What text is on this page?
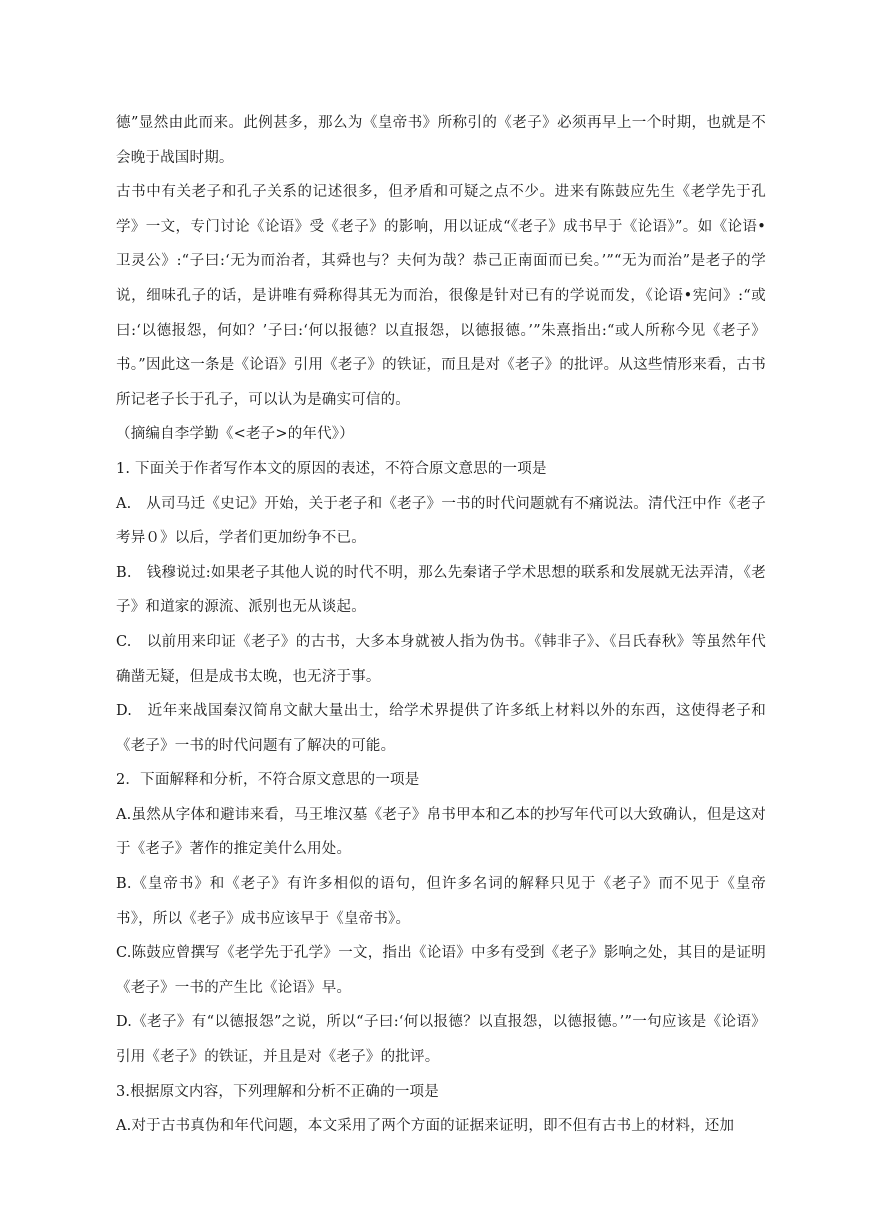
德”显然由此而来。此例甚多，那么为《皇帝书》所称引的《老子》必须再早上一个时期，也就是不会晚于战国时期。

古书中有关老子和孔子关系的记述很多，但矛盾和可疑之点不少。进来有陈鼓应先生《老学先于孔学》一文，专门讨论《论语》受《老子》的影响，用以证成“《老子》成书早于《论语》”。如《论语•卫灵公》:“子曰:‘无为而治者，其舜也与？夫何为哉？恭己正南面而已矣。’”“无为而治”是老子的学说，细味孔子的话，是讲唯有舜称得其无为而治，很像是针对已有的学说而发，《论语•宪问》:“或曰:‘以德报怨，何如？’子曰:‘何以报德？以直报怨，以德报德。’”朱熹指出:“或人所称今见《老子》书。”因此这一条是《论语》引用《老子》的铁证，而且是对《老子》的批评。从这些情形来看，古书所记老子长于孔子，可以认为是确实可信的。

（摘编自李学勤《<老子>的年代》）

1. 下面关于作者写作本文的原因的表述，不符合原文意思的一项是

A.　从司马迁《史记》开始，关于老子和《老子》一书的时代问题就有不痛说法。清代汪中作《老子考异０》以后，学者们更加纷争不已。

B.　钱穆说过:如果老子其他人说的时代不明，那么先秦诸子学术思想的联系和发展就无法弄清，《老子》和道家的源流、派别也无从谈起。

C.　以前用来印证《老子》的古书，大多本身就被人指为伪书。《韩非子》、《吕氏春秋》等虽然年代确凿无疑，但是成书太晚，也无济于事。

D.　近年来战国秦汉简帛文献大量出士，给学术界提供了许多纸上材料以外的东西，这使得老子和《老子》一书的时代问题有了解决的可能。

2．下面解释和分析，不符合原文意思的一项是

A.虽然从字体和避讳来看，马王堆汉墓《老子》帛书甲本和乙本的抄写年代可以大致确认，但是这对于《老子》著作的推定美什么用处。

B.《皇帝书》和《老子》有许多相似的语句，但许多名词的解释只见于《老子》而不见于《皇帝书》，所以《老子》成书应该早于《皇帝书》。

C.陈鼓应曾撰写《老学先于孔学》一文，指出《论语》中多有受到《老子》影响之处，其目的是证明《老子》一书的产生比《论语》早。

D.《老子》有“以德报怨”之说，所以“子曰:‘何以报德？以直报怨，以德报德。’”一句应该是《论语》引用《老子》的铁证，并且是对《老子》的批评。

3.根据原文内容，下列理解和分析不正确的一项是

A.对于古书真伪和年代问题，本文采用了两个方面的证据来证明，即不但有古书上的材料，还加
